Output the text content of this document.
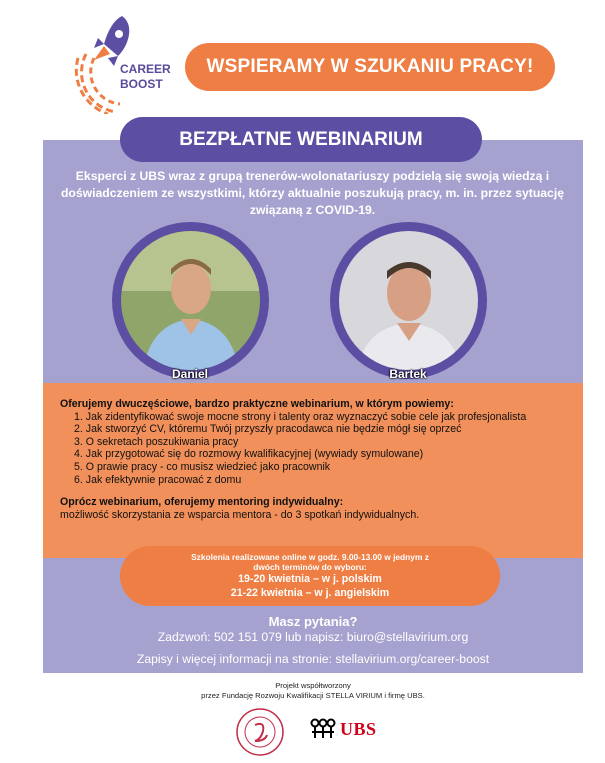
CAREER
BOOST
WSPIERAMY W SZUKANIU PRACY!
BEZPŁATNE WEBINARIUM
Eksperci z UBS wraz z grupą trenerów-wolonatariuszy podzielą się swoją wiedzą i doświadczeniem ze wszystkimi, którzy aktualnie poszukują pracy, m. in. przez sytuację związaną z COVID-19.
Daniel	Bartek
Oferujemy dwuczęściowe, bardzo praktyczne webinarium, w którym powiemy:
1. Jak zidentyfikować swoje mocne strony i talenty oraz wyznaczyć sobie cele jak profesjonalista
2. Jak stworzyć CV, któremu Twój przyszły pracodawca nie będzie mógł się oprzeć
3. O sekretach poszukiwania pracy
4. Jak przygotować się do rozmowy kwalifikacyjnej (wywiady symulowane)
5. O prawie pracy - co musisz wiedzieć jako pracownik
6. Jak efektywnie pracować z domu
Oprócz webinarium, oferujemy mentoring indywidualny:
możliwość skorzystania ze wsparcia mentora - do 3 spotkań indywidualnych.
Szkolenia realizowane online w godz. 9.00-13.00 w jednym z dwóch terminów do wyboru:
19-20 kwietnia – w j. polskim
21-22 kwietnia – w j. angielskim
Masz pytania?
Zadzwoń: 502 151 079 lub napisz: biuro@stellavirium.org
Zapisy i więcej informacji na stronie: stellavirium.org/career-boost
Projekt współtworzony
przez Fundację Rozwoju Kwalifikacji STELLA VIRIUM i firmę UBS.
UBS
